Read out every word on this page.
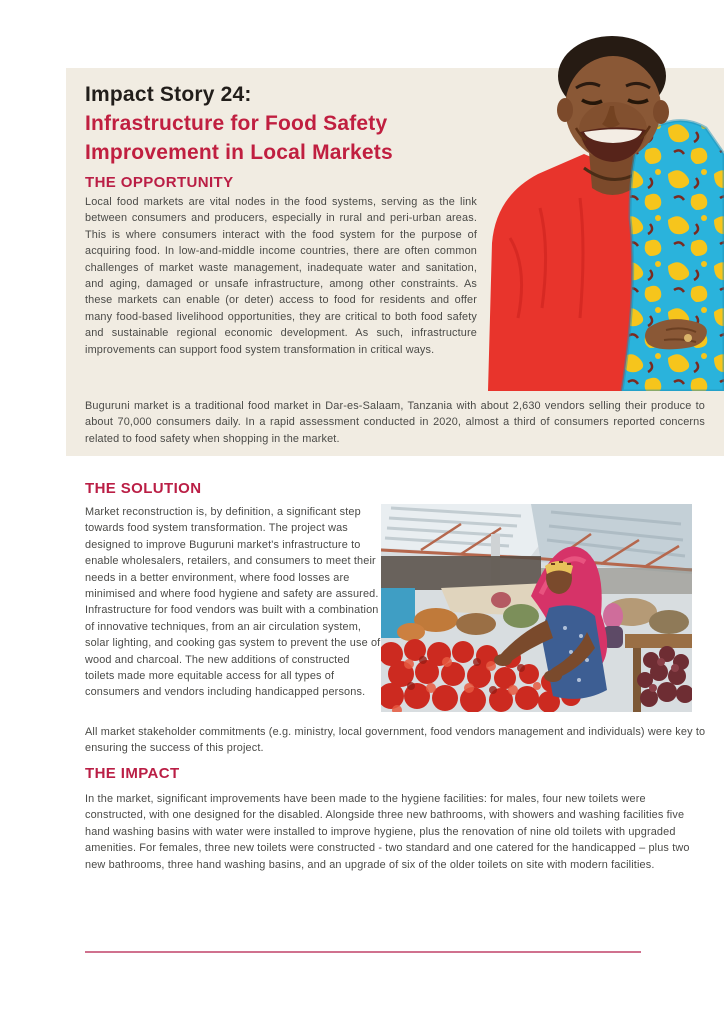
Impact Story 24:
Infrastructure for Food Safety
Improvement in Local Markets
THE OPPORTUNITY

Local food markets are vital nodes in the food systems, serving as the link between consumers and producers, especially in rural and peri-urban areas. This is where consumers interact with the food system for the purpose of acquiring food. In low-and-middle income countries, there are often common challenges of market waste management, inadequate water and sanitation, and aging, damaged or unsafe infrastructure, among other constraints. As these markets can enable (or deter) access to food for residents and offer many food-based livelihood opportunities, they are critical to both food safety and sustainable regional economic development. As such, infrastructure improvements can support food system transformation in critical ways.

Buguruni market is a traditional food market in Dar-es-Salaam, Tanzania with about 2,630 vendors selling their produce to about 70,000 consumers daily. In a rapid assessment conducted in 2020, almost a third of consumers reported concerns related to food safety when shopping in the market.

THE SOLUTION

Market reconstruction is, by definition, a significant step towards food system transformation. The project was designed to improve Buguruni market's infrastructure to enable wholesalers, retailers, and consumers to meet their needs in a better environment, where food losses are minimised and where food hygiene and safety are assured. Infrastructure for food vendors was built with a combination of innovative techniques, from an air circulation system, solar lighting, and cooking gas system to prevent the use of wood and charcoal. The new additions of constructed toilets made more equitable access for all types of consumers and vendors including handicapped persons.

All market stakeholder commitments (e.g. ministry, local government, food vendors management and individuals) were key to ensuring the success of this project.

THE IMPACT

In the market, significant improvements have been made to the hygiene facilities: for males, four new toilets were constructed, with one designed for the disabled. Alongside three new bathrooms, with showers and washing facilities five hand washing basins with water were installed to improve hygiene, plus the renovation of nine old toilets with upgraded amenities. For females, three new toilets were constructed - two standard and one catered for the handicapped – plus two new bathrooms, three hand washing basins, and an upgrade of six of the older toilets on site with modern facilities.
